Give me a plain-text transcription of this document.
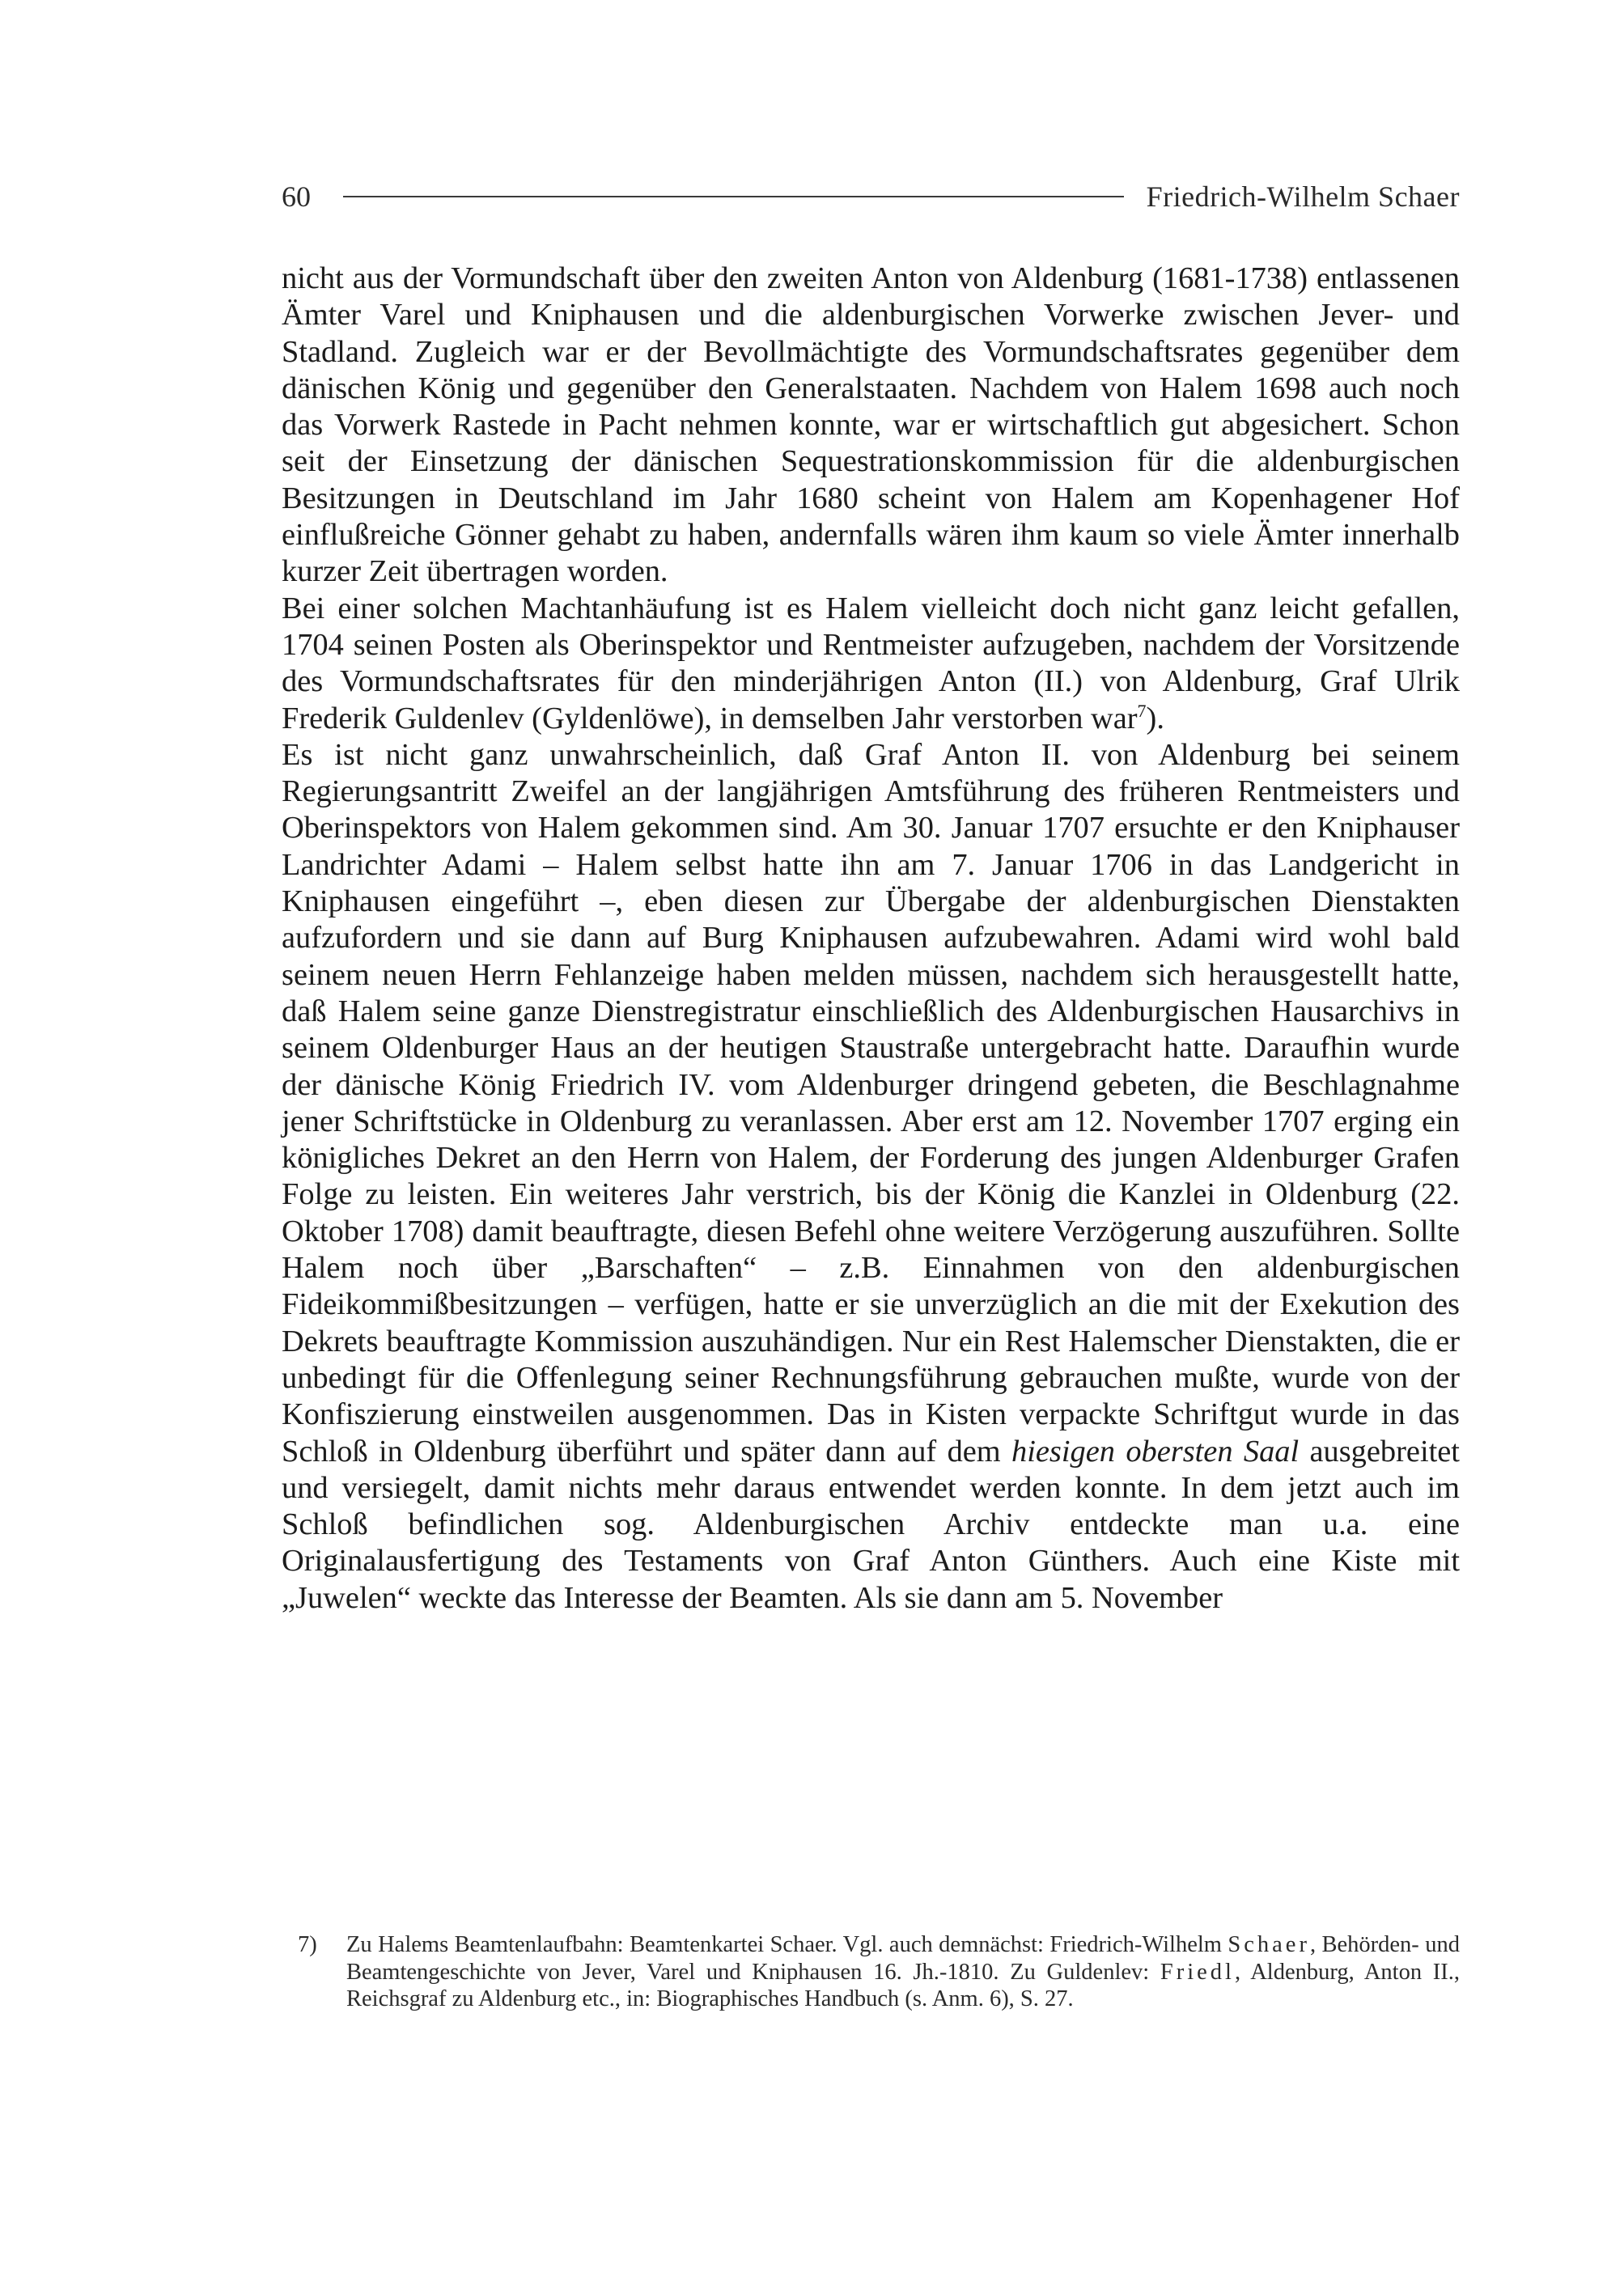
60	Friedrich-Wilhelm Schaer

nicht aus der Vormundschaft über den zweiten Anton von Aldenburg (1681-1738) entlassenen Ämter Varel und Kniphausen und die aldenburgischen Vorwerke zwischen Jever- und Stadland. Zugleich war er der Bevollmächtigte des Vormundschaftsrates gegenüber dem dänischen König und gegenüber den Generalstaaten. Nachdem von Halem 1698 auch noch das Vorwerk Rastede in Pacht nehmen konnte, war er wirtschaftlich gut abgesichert. Schon seit der Einsetzung der dänischen Sequestrationskommission für die aldenburgischen Besitzungen in Deutschland im Jahr 1680 scheint von Halem am Kopenhagener Hof einflußreiche Gönner gehabt zu haben, andernfalls wären ihm kaum so viele Ämter innerhalb kurzer Zeit übertragen worden.

Bei einer solchen Machtanhäufung ist es Halem vielleicht doch nicht ganz leicht gefallen, 1704 seinen Posten als Oberinspektor und Rentmeister aufzugeben, nachdem der Vorsitzende des Vormundschaftsrates für den minderjährigen Anton (II.) von Aldenburg, Graf Ulrik Frederik Guldenlev (Gyldenlöwe), in demselben Jahr verstorben war$^7$).

Es ist nicht ganz unwahrscheinlich, daß Graf Anton II. von Aldenburg bei seinem Regierungsantritt Zweifel an der langjährigen Amtsführung des früheren Rentmeisters und Oberinspektors von Halem gekommen sind. Am 30. Januar 1707 ersuchte er den Kniphauser Landrichter Adami – Halem selbst hatte ihn am 7. Januar 1706 in das Landgericht in Kniphausen eingeführt –, eben diesen zur Übergabe der aldenburgischen Dienstakten aufzufordern und sie dann auf Burg Kniphausen aufzubewahren. Adami wird wohl bald seinem neuen Herrn Fehlanzeige haben melden müssen, nachdem sich herausgestellt hatte, daß Halem seine ganze Dienstregistratur einschließlich des Aldenburgischen Hausarchivs in seinem Oldenburger Haus an der heutigen Staustraße untergebracht hatte. Daraufhin wurde der dänische König Friedrich IV. vom Aldenburger dringend gebeten, die Beschlagnahme jener Schriftstücke in Oldenburg zu veranlassen. Aber erst am 12. November 1707 erging ein königliches Dekret an den Herrn von Halem, der Forderung des jungen Aldenburger Grafen Folge zu leisten. Ein weiteres Jahr verstrich, bis der König die Kanzlei in Oldenburg (22. Oktober 1708) damit beauftragte, diesen Befehl ohne weitere Verzögerung auszuführen. Sollte Halem noch über „Barschaften“ – z.B. Einnahmen von den aldenburgischen Fideikommißbesitzungen – verfügen, hatte er sie unverzüglich an die mit der Exekution des Dekrets beauftragte Kommission auszuhändigen. Nur ein Rest Halemscher Dienstakten, die er unbedingt für die Offenlegung seiner Rechnungsführung gebrauchen mußte, wurde von der Konfiszierung einstweilen ausgenommen. Das in Kisten verpackte Schriftgut wurde in das Schloß in Oldenburg überführt und später dann auf dem hiesigen obersten Saal ausgebreitet und versiegelt, damit nichts mehr daraus entwendet werden konnte. In dem jetzt auch im Schloß befindlichen sog. Aldenburgischen Archiv entdeckte man u.a. eine Originalausfertigung des Testaments von Graf Anton Günthers. Auch eine Kiste mit „Juwelen“ weckte das Interesse der Beamten. Als sie dann am 5. November

7)	Zu Halems Beamtenlaufbahn: Beamtenkartei Schaer. Vgl. auch demnächst: Friedrich-Wilhelm Schaer, Behörden- und Beamtengeschichte von Jever, Varel und Kniphausen 16. Jh.-1810. Zu Guldenlev: Friedl, Aldenburg, Anton II., Reichsgraf zu Aldenburg etc., in: Biographisches Handbuch (s. Anm. 6), S. 27.
